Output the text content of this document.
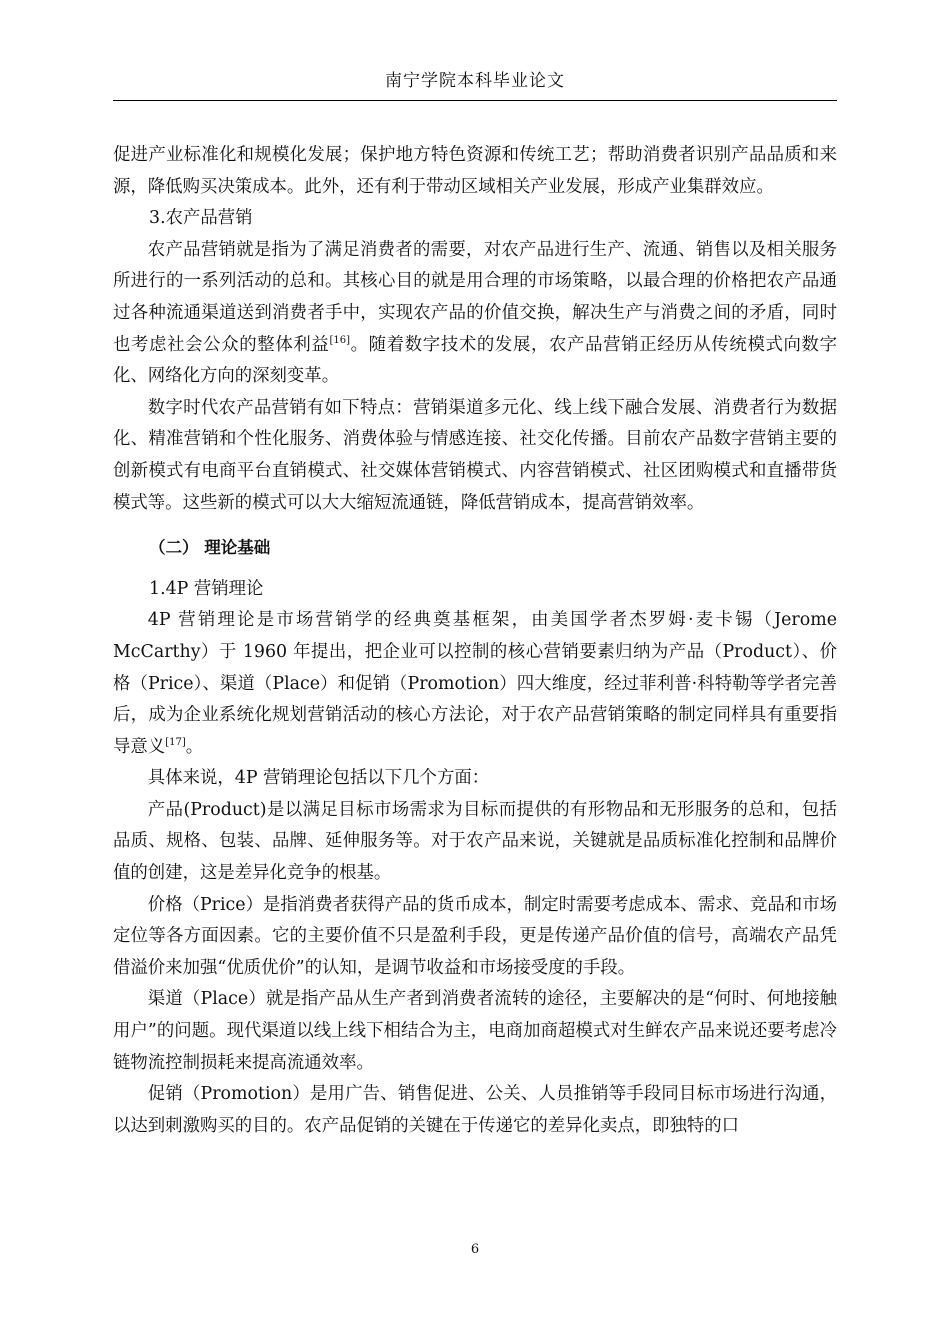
南宁学院本科毕业论文

促进产业标准化和规模化发展；保护地方特色资源和传统工艺；帮助消费者识别产品品质和来源，降低购买决策成本。此外，还有利于带动区域相关产业发展，形成产业集群效应。

3.农产品营销

农产品营销就是指为了满足消费者的需要，对农产品进行生产、流通、销售以及相关服务所进行的一系列活动的总和。其核心目的就是用合理的市场策略，以最合理的价格把农产品通过各种流通渠道送到消费者手中，实现农产品的价值交换，解决生产与消费之间的矛盾，同时也考虑社会公众的整体利益[16]。随着数字技术的发展，农产品营销正经历从传统模式向数字化、网络化方向的深刻变革。

数字时代农产品营销有如下特点：营销渠道多元化、线上线下融合发展、消费者行为数据化、精准营销和个性化服务、消费体验与情感连接、社交化传播。目前农产品数字营销主要的创新模式有电商平台直销模式、社交媒体营销模式、内容营销模式、社区团购模式和直播带货模式等。这些新的模式可以大大缩短流通链，降低营销成本，提高营销效率。

（二） 理论基础

1.4P 营销理论

4P 营销理论是市场营销学的经典奠基框架，由美国学者杰罗姆·麦卡锡（Jerome McCarthy）于 1960 年提出，把企业可以控制的核心营销要素归纳为产品（Product）、价格（Price）、渠道（Place）和促销（Promotion）四大维度，经过菲利普·科特勒等学者完善后，成为企业系统化规划营销活动的核心方法论，对于农产品营销策略的制定同样具有重要指导意义[17]。

具体来说，4P 营销理论包括以下几个方面：

产品(Product)是以满足目标市场需求为目标而提供的有形物品和无形服务的总和，包括品质、规格、包装、品牌、延伸服务等。对于农产品来说，关键就是品质标准化控制和品牌价值的创建，这是差异化竞争的根基。

价格（Price）是指消费者获得产品的货币成本，制定时需要考虑成本、需求、竞品和市场定位等各方面因素。它的主要价值不只是盈利手段，更是传递产品价值的信号，高端农产品凭借溢价来加强“优质优价”的认知，是调节收益和市场接受度的手段。

渠道（Place）就是指产品从生产者到消费者流转的途径，主要解决的是“何时、何地接触用户”的问题。现代渠道以线上线下相结合为主，电商加商超模式对生鲜农产品来说还要考虑冷链物流控制损耗来提高流通效率。

促销（Promotion）是用广告、销售促进、公关、人员推销等手段同目标市场进行沟通，以达到刺激购买的目的。农产品促销的关键在于传递它的差异化卖点，即独特的口

6
